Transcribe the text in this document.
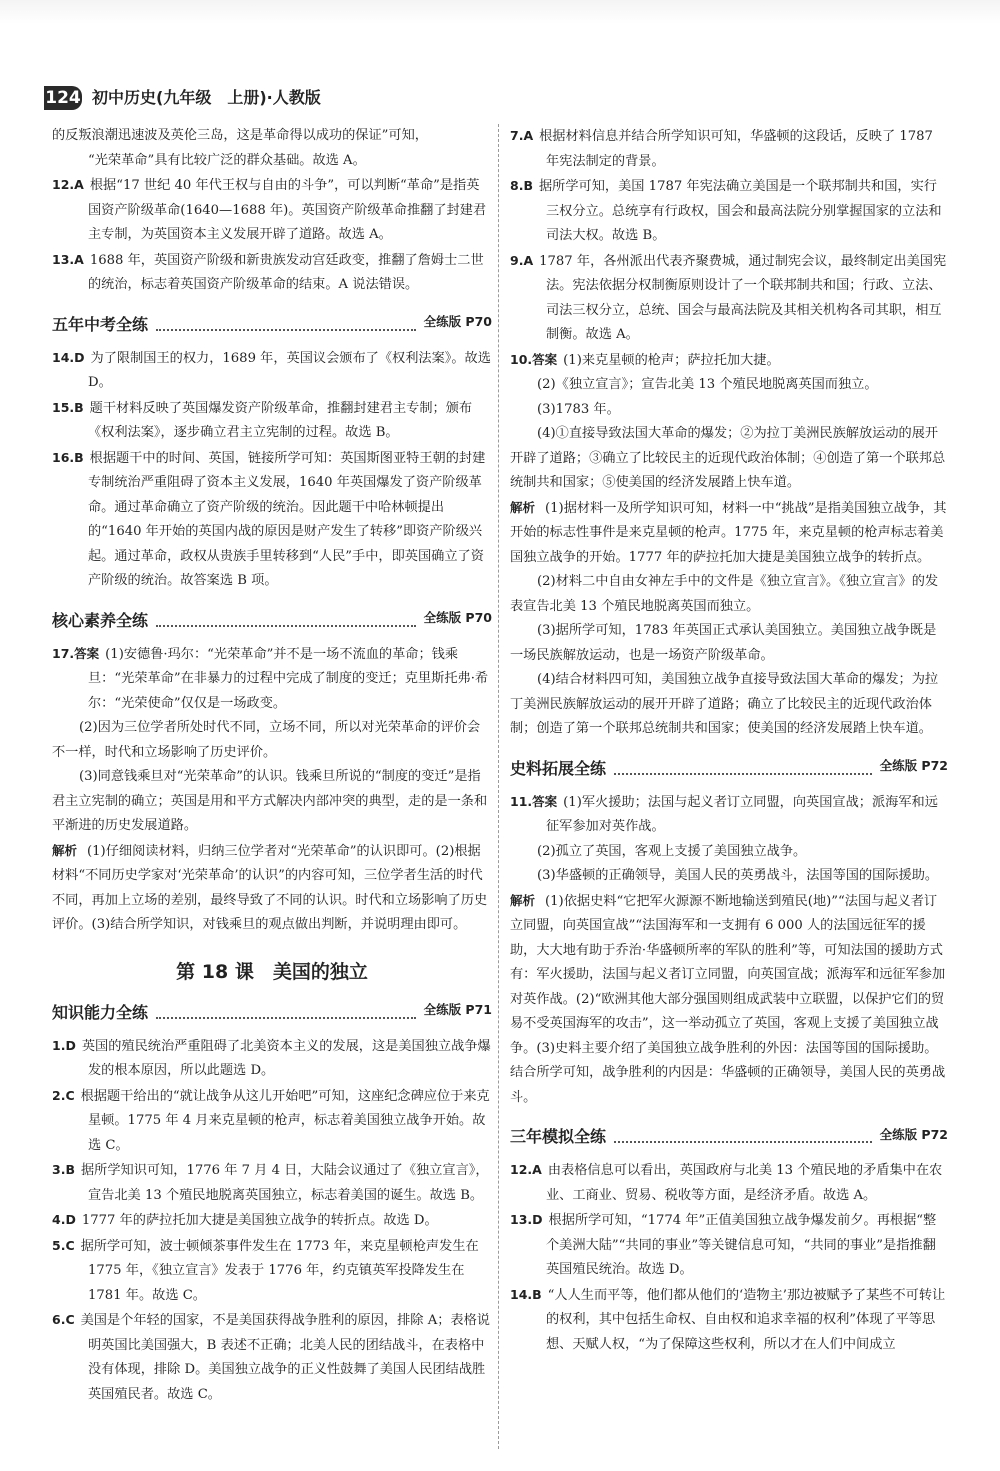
124 初中历史(九年级　上册)·人教版

的反叛浪潮迅速波及英伦三岛，这是革命得以成功的保证”可知，

“光荣革命”具有比较广泛的群众基础。故选 A。

12.A 根据“17 世纪 40 年代王权与自由的斗争”，可以判断“革命”是指英国资产阶级革命(1640—1688 年)。英国资产阶级革命推翻了封建君主专制，为英国资本主义发展开辟了道路。故选 A。

13.A 1688 年，英国资产阶级和新贵族发动宫廷政变，推翻了詹姆士二世的统治，标志着英国资产阶级革命的结束。A 说法错误。

五年中考全练	全练版 P70

14.D 为了限制国王的权力，1689 年，英国议会颁布了《权利法案》。故选 D。

15.B 题干材料反映了英国爆发资产阶级革命，推翻封建君主专制；颁布《权利法案》，逐步确立君主立宪制的过程。故选 B。

16.B 根据题干中的时间、英国，链接所学可知：英国斯图亚特王朝的封建专制统治严重阻碍了资本主义发展，1640 年英国爆发了资产阶级革命。通过革命确立了资产阶级的统治。因此题干中哈林顿提出的“1640 年开始的英国内战的原因是财产发生了转移”即资产阶级兴起。通过革命，政权从贵族手里转移到“人民”手中，即英国确立了资产阶级的统治。故答案选 B 项。

核心素养全练	全练版 P70

17.答案 (1)安德鲁·玛尔：“光荣革命”并不是一场不流血的革命；钱乘旦：“光荣革命”在非暴力的过程中完成了制度的变迁；克里斯托弗·希尔：“光荣使命”仅仅是一场政变。

(2)因为三位学者所处时代不同，立场不同，所以对光荣革命的评价会不一样，时代和立场影响了历史评价。

(3)同意钱乘旦对“光荣革命”的认识。钱乘旦所说的“制度的变迁”是指君主立宪制的确立；英国是用和平方式解决内部冲突的典型，走的是一条和平渐进的历史发展道路。

解析 (1)仔细阅读材料，归纳三位学者对“光荣革命”的认识即可。(2)根据材料“不同历史学家对‘光荣革命’的认识”的内容可知，三位学者生活的时代不同，再加上立场的差别，最终导致了不同的认识。时代和立场影响了历史评价。(3)结合所学知识，对钱乘旦的观点做出判断，并说明理由即可。

第 18 课　美国的独立
知识能力全练	全练版 P71

1.D 英国的殖民统治严重阻碍了北美资本主义的发展，这是美国独立战争爆发的根本原因，所以此题选 D。

2.C 根据题干给出的“就让战争从这儿开始吧”可知，这座纪念碑应位于来克星顿。1775 年 4 月来克星顿的枪声，标志着美国独立战争开始。故选 C。

3.B 据所学知识可知，1776 年 7 月 4 日，大陆会议通过了《独立宣言》，宣告北美 13 个殖民地脱离英国独立，标志着美国的诞生。故选 B。

4.D 1777 年的萨拉托加大捷是美国独立战争的转折点。故选 D。

5.C 据所学可知，波士顿倾茶事件发生在 1773 年，来克星顿枪声发生在 1775 年，《独立宣言》发表于 1776 年，约克镇英军投降发生在 1781 年。故选 C。

6.C 美国是个年轻的国家，不是美国获得战争胜利的原因，排除 A；表格说明英国比美国强大，B 表述不正确；北美人民的团结战斗，在表格中没有体现，排除 D。美国独立战争的正义性鼓舞了美国人民团结战胜英国殖民者。故选 C。

7.A 根据材料信息并结合所学知识可知，华盛顿的这段话，反映了 1787 年宪法制定的背景。

8.B 据所学可知，美国 1787 年宪法确立美国是一个联邦制共和国，实行三权分立。总统享有行政权，国会和最高法院分别掌握国家的立法和司法大权。故选 B。

9.A 1787 年，各州派出代表齐聚费城，通过制宪会议，最终制定出美国宪法。宪法依据分权制衡原则设计了一个联邦制共和国；行政、立法、司法三权分立，总统、国会与最高法院及其相关机构各司其职，相互制衡。故选 A。

10.答案 (1)来克星顿的枪声；萨拉托加大捷。

(2)《独立宣言》；宣告北美 13 个殖民地脱离英国而独立。

(3)1783 年。

(4)①直接导致法国大革命的爆发；②为拉丁美洲民族解放运动的展开开辟了道路；③确立了比较民主的近现代政治体制；④创造了第一个联邦总统制共和国家；⑤使美国的经济发展踏上快车道。

解析 (1)据材料一及所学知识可知，材料一中“挑战”是指美国独立战争，其开始的标志性事件是来克星顿的枪声。1775 年，来克星顿的枪声标志着美国独立战争的开始。1777 年的萨拉托加大捷是美国独立战争的转折点。

(2)材料二中自由女神左手中的文件是《独立宣言》。《独立宣言》的发表宣告北美 13 个殖民地脱离英国而独立。

(3)据所学可知，1783 年英国正式承认美国独立。美国独立战争既是一场民族解放运动，也是一场资产阶级革命。

(4)结合材料四可知，美国独立战争直接导致法国大革命的爆发；为拉丁美洲民族解放运动的展开开辟了道路；确立了比较民主的近现代政治体制；创造了第一个联邦总统制共和国家；使美国的经济发展踏上快车道。

史料拓展全练	全练版 P72

11.答案 (1)军火援助；法国与起义者订立同盟，向英国宣战；派海军和远征军参加对英作战。

(2)孤立了英国，客观上支援了美国独立战争。

(3)华盛顿的正确领导，美国人民的英勇战斗，法国等国的国际援助。

解析 (1)依据史料“它把军火源源不断地输送到殖民(地)”“法国与起义者订立同盟，向英国宣战”“法国海军和一支拥有 6 000 人的法国远征军的援助，大大地有助于乔治·华盛顿所率的军队的胜利”等，可知法国的援助方式有：军火援助，法国与起义者订立同盟，向英国宣战；派海军和远征军参加对英作战。(2)“欧洲其他大部分强国则组成武装中立联盟，以保护它们的贸易不受英国海军的攻击”，这一举动孤立了英国，客观上支援了美国独立战争。(3)史料主要介绍了美国独立战争胜利的外因：法国等国的国际援助。结合所学可知，战争胜利的内因是：华盛顿的正确领导，美国人民的英勇战斗。

三年模拟全练	全练版 P72

12.A 由表格信息可以看出，英国政府与北美 13 个殖民地的矛盾集中在农业、工商业、贸易、税收等方面，是经济矛盾。故选 A。

13.D 根据所学可知，“1774 年”正值美国独立战争爆发前夕。再根据“整个美洲大陆”“共同的事业”等关键信息可知，“共同的事业”是指推翻英国殖民统治。故选 D。

14.B “人人生而平等，他们都从他们的‘造物主’那边被赋予了某些不可转让的权利，其中包括生命权、自由权和追求幸福的权利”体现了平等思想、天赋人权，“为了保障这些权利，所以才在人们中间成立
